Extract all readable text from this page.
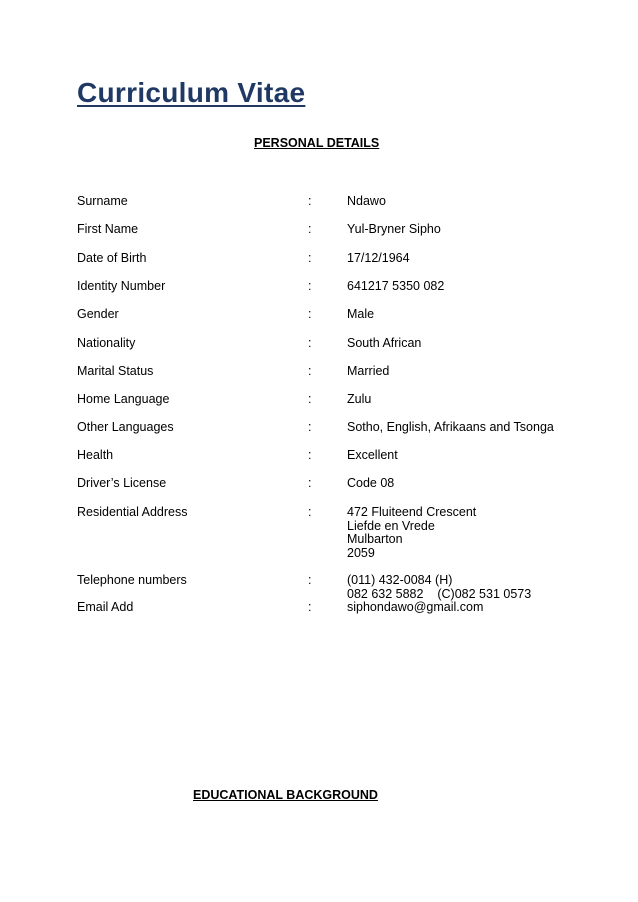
Curriculum Vitae
PERSONAL DETAILS
Surname	:	Ndawo
First Name	:	Yul-Bryner Sipho
Date of Birth	:	17/12/1964
Identity Number	:	641217 5350 082
Gender	:	Male
Nationality	:	South African
Marital Status	:	Married
Home Language	:	Zulu
Other Languages	:	Sotho, English, Afrikaans and Tsonga
Health	:	Excellent
Driver’s License	:	Code 08
Residential Address	:	472 Fluiteend Crescent
Liefde en Vrede
Mulbarton
2059
Telephone numbers	:	(011) 432-0084 (H)
082 632 5882    (C)082 531 0573
Email Add	:	siphondawo@gmail.com
EDUCATIONAL BACKGROUND
